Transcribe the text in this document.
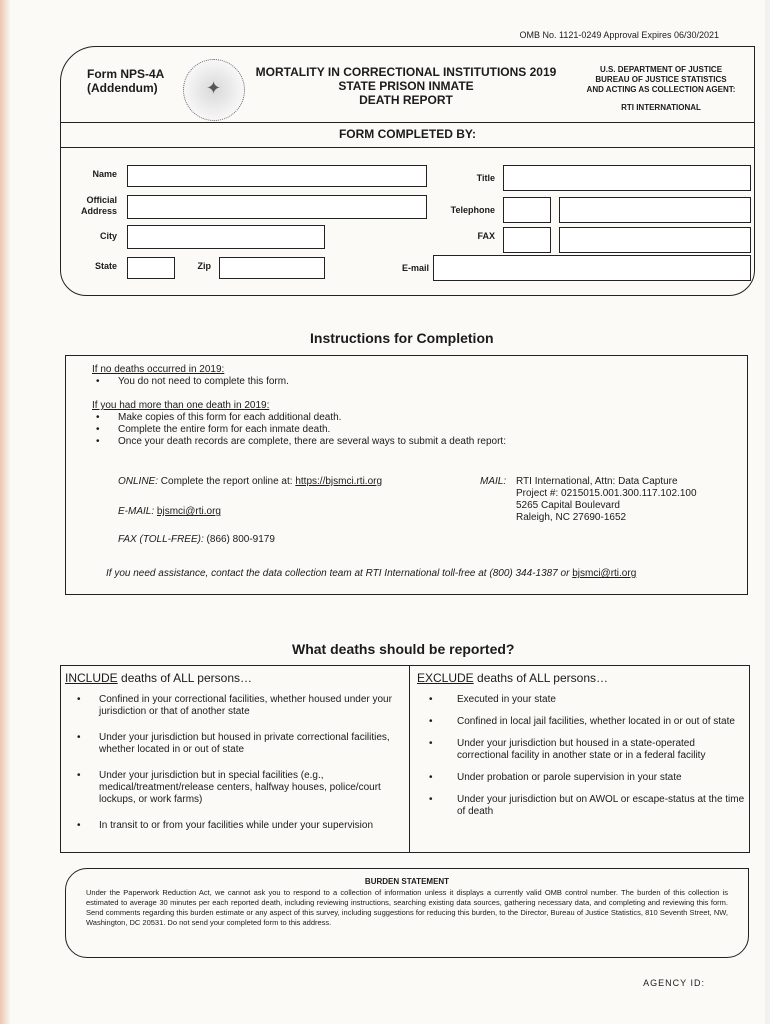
OMB No. 1121-0249 Approval Expires 06/30/2021
Form NPS-4A
(Addendum)
✦
MORTALITY IN CORRECTIONAL INSTITUTIONS 2019
STATE PRISON INMATE
DEATH REPORT
U.S. DEPARTMENT OF JUSTICE
BUREAU OF JUSTICE STATISTICS
AND ACTING AS COLLECTION AGENT:
RTI INTERNATIONAL
FORM COMPLETED BY:
Name	Title
Official
Address	Telephone
City	FAX
State	Zip	E-mail
Instructions for Completion
If no deaths occurred in 2019:
• You do not need to complete this form.
If you had more than one death in 2019:
• Make copies of this form for each additional death.
• Complete the entire form for each inmate death.
• Once your death records are complete, there are several ways to submit a death report:
ONLINE: Complete the report online at: https://bjsmci.rti.org
E-MAIL: bjsmci@rti.org
FAX (TOLL-FREE): (866) 800-9179
MAIL: RTI International, Attn: Data Capture
Project #: 0215015.001.300.117.102.100
5265 Capital Boulevard
Raleigh, NC 27690-1652
If you need assistance, contact the data collection team at RTI International toll-free at (800) 344-1387 or bjsmci@rti.org
What deaths should be reported?
INCLUDE deaths of ALL persons…
• Confined in your correctional facilities, whether housed under your jurisdiction or that of another state
• Under your jurisdiction but housed in private correctional facilities, whether located in or out of state
• Under your jurisdiction but in special facilities (e.g., medical/treatment/release centers, halfway houses, police/court lockups, or work farms)
• In transit to or from your facilities while under your supervision
EXCLUDE deaths of ALL persons…
• Executed in your state
• Confined in local jail facilities, whether located in or out of state
• Under your jurisdiction but housed in a state-operated correctional facility in another state or in a federal facility
• Under probation or parole supervision in your state
• Under your jurisdiction but on AWOL or escape-status at the time of death
BURDEN STATEMENT
Under the Paperwork Reduction Act, we cannot ask you to respond to a collection of information unless it displays a currently valid OMB control number. The burden of this collection is estimated to average 30 minutes per each reported death, including reviewing instructions, searching existing data sources, gathering necessary data, and completing and reviewing this form. Send comments regarding this burden estimate or any aspect of this survey, including suggestions for reducing this burden, to the Director, Bureau of Justice Statistics, 810 Seventh Street, NW, Washington, DC 20531. Do not send your completed form to this address.
AGENCY ID:
